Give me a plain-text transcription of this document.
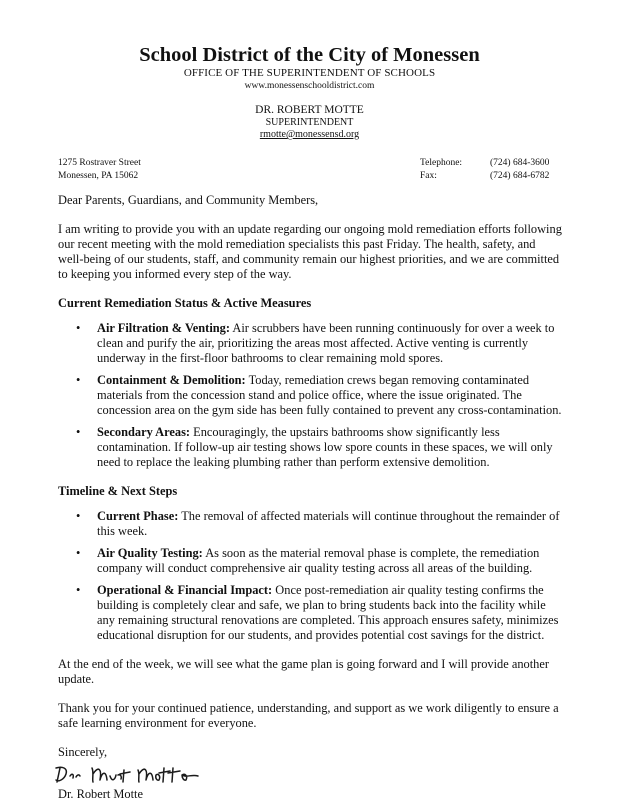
School District of the City of Monessen
OFFICE OF THE SUPERINTENDENT OF SCHOOLS
www.monessenschooldistrict.com
DR. ROBERT MOTTE
SUPERINTENDENT
rmotte@monessensd.org
1275 Rostraver Street
Monessen, PA 15062
Telephone:	(724) 684-3600
Fax:	(724) 684-6782

Dear Parents, Guardians, and Community Members,

I am writing to provide you with an update regarding our ongoing mold remediation efforts following our recent meeting with the mold remediation specialists this past Friday. The health, safety, and well-being of our students, staff, and community remain our highest priorities, and we are committed to keeping you informed every step of the way.

Current Remediation Status & Active Measures

• Air Filtration & Venting: Air scrubbers have been running continuously for over a week to clean and purify the air, prioritizing the areas most affected. Active venting is currently underway in the first-floor bathrooms to clear remaining mold spores.
• Containment & Demolition: Today, remediation crews began removing contaminated materials from the concession stand and police office, where the issue originated. The concession area on the gym side has been fully contained to prevent any cross-contamination.
• Secondary Areas: Encouragingly, the upstairs bathrooms show significantly less contamination. If follow-up air testing shows low spore counts in these spaces, we will only need to replace the leaking plumbing rather than perform extensive demolition.

Timeline & Next Steps

• Current Phase: The removal of affected materials will continue throughout the remainder of this week.
• Air Quality Testing: As soon as the material removal phase is complete, the remediation company will conduct comprehensive air quality testing across all areas of the building.
• Operational & Financial Impact: Once post-remediation air quality testing confirms the building is completely clear and safe, we plan to bring students back into the facility while any remaining structural renovations are completed. This approach ensures safety, minimizes educational disruption for our students, and provides potential cost savings for the district.

At the end of the week, we will see what the game plan is going forward and I will provide another update.

Thank you for your continued patience, understanding, and support as we work diligently to ensure a safe learning environment for everyone.

Sincerely,

Dr. Robert Motte
